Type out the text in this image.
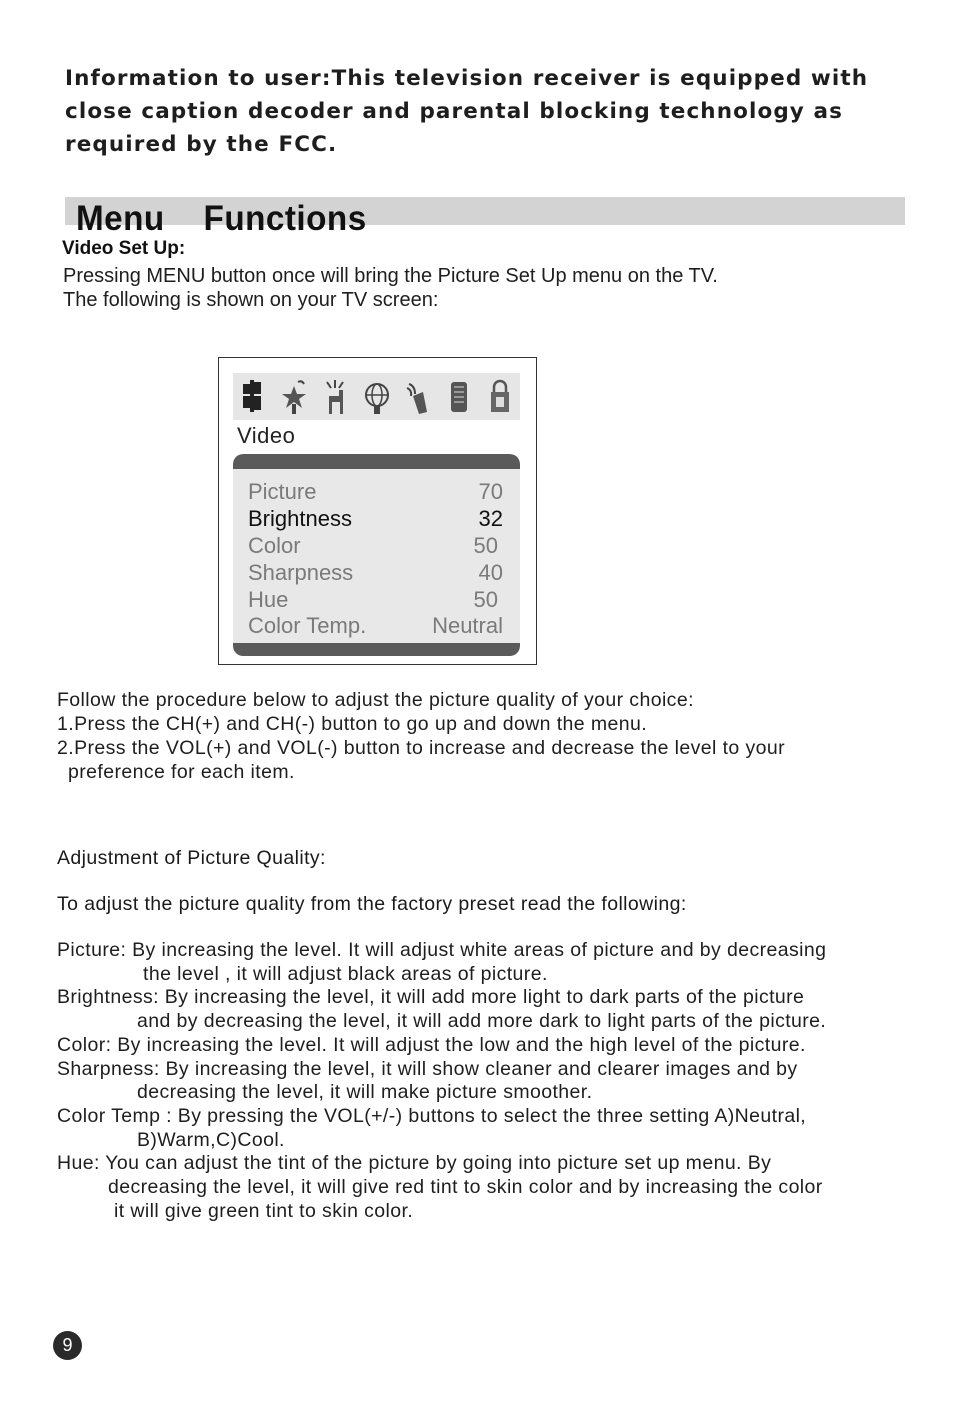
Information to user:This television receiver is equipped with
close caption decoder and parental blocking technology as
required by the FCC.
Menu    Functions
Video Set Up:
Pressing MENU button once will bring the Picture Set Up menu on the TV.
The following is shown on your TV screen:
Video
Picture	70
Brightness	32
Color	50
Sharpness	40
Hue	50
Color Temp.	Neutral
Follow the procedure below to adjust the picture quality of your choice:
1.Press the CH(+) and CH(-) button to go up and down the menu.
2.Press the VOL(+) and VOL(-) button to increase and decrease the level to your
preference for each item.
Adjustment of Picture Quality:
To adjust the picture quality from the factory preset read the following:
Picture: By increasing the level. It will adjust white areas of picture and by decreasing
the level , it will adjust black areas of picture.
Brightness: By increasing the level, it will add more light to dark parts of the picture
and by decreasing the level, it will add more dark to light parts of the picture.
Color: By increasing the level. It will adjust the low and the high level of the picture.
Sharpness: By increasing the level, it will show cleaner and clearer images and by
decreasing the level, it will make picture smoother.
Color Temp : By pressing the VOL(+/-) buttons to select the three setting A)Neutral,
B)Warm,C)Cool.
Hue: You can adjust the tint of the picture by going into picture set up menu. By
decreasing the level, it will give red tint to skin color and by increasing the color
it will give green tint to skin color.
9
